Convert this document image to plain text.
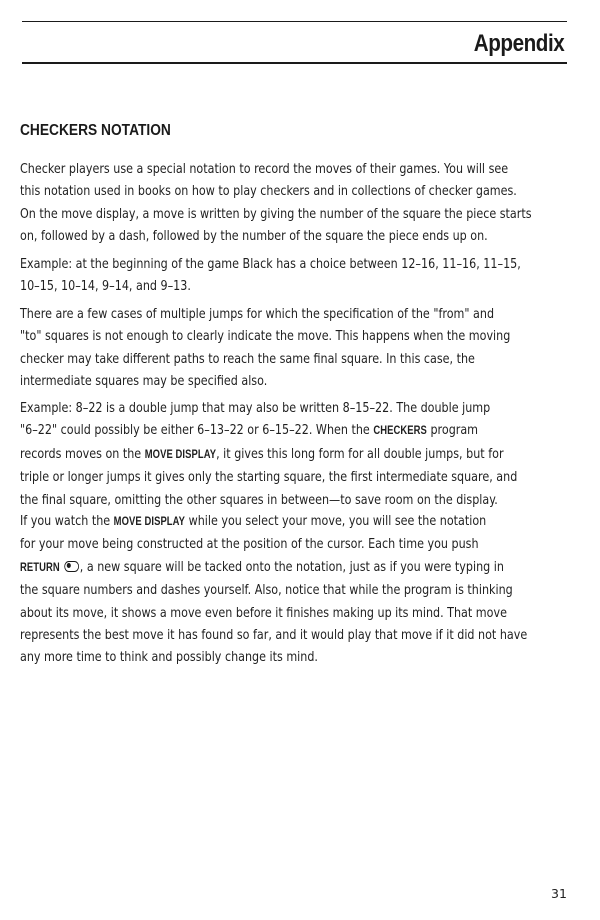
Appendix
CHECKERS NOTATION
Checker players use a special notation to record the moves of their games. You will see
this notation used in books on how to play checkers and in collections of checker games.
On the move display, a move is written by giving the number of the square the piece starts
on, followed by a dash, followed by the number of the square the piece ends up on.
Example: at the beginning of the game Black has a choice between 12–16, 11–16, 11–15,
10–15, 10–14, 9–14, and 9–13.
There are a few cases of multiple jumps for which the specification of the "from" and
"to" squares is not enough to clearly indicate the move. This happens when the moving
checker may take different paths to reach the same final square. In this case, the
intermediate squares may be specified also.
Example: 8–22 is a double jump that may also be written 8–15–22. The double jump
"6–22" could possibly be either 6–13–22 or 6–15–22. When the CHECKERS program
records moves on the MOVE DISPLAY, it gives this long form for all double jumps, but for
triple or longer jumps it gives only the starting square, the first intermediate square, and
the final square, omitting the other squares in between—to save room on the display.
If you watch the MOVE DISPLAY while you select your move, you will see the notation
for your move being constructed at the position of the cursor. Each time you push
RETURN , a new square will be tacked onto the notation, just as if you were typing in
the square numbers and dashes yourself. Also, notice that while the program is thinking
about its move, it shows a move even before it finishes making up its mind. That move
represents the best move it has found so far, and it would play that move if it did not have
any more time to think and possibly change its mind.
31
